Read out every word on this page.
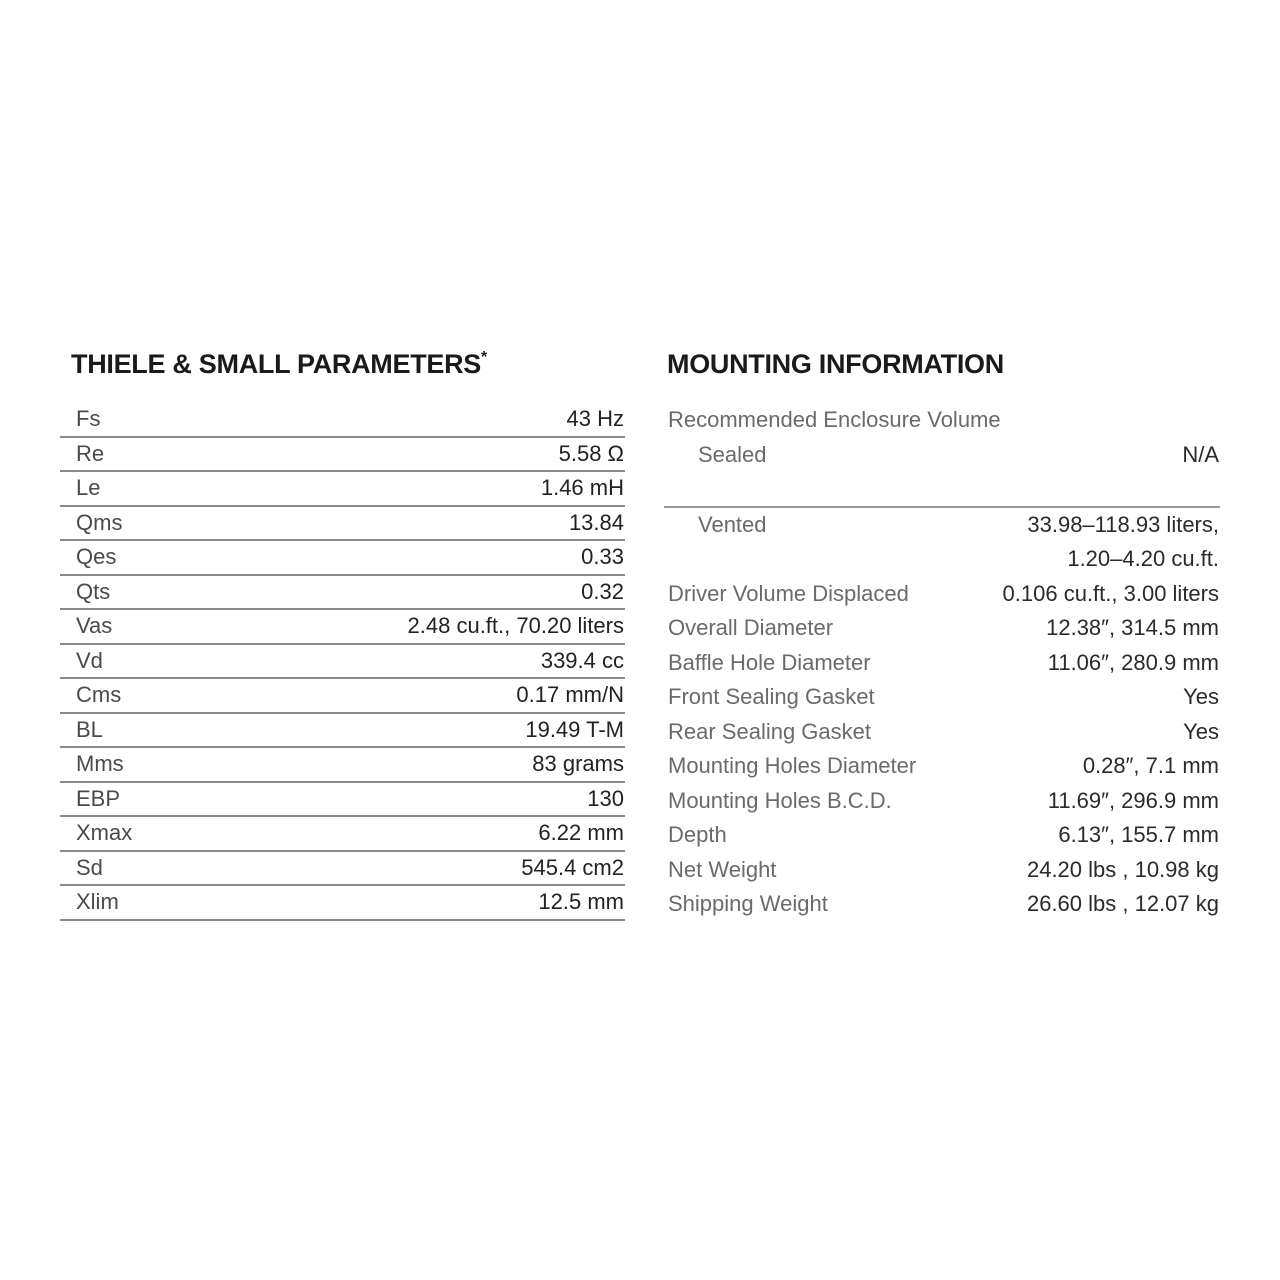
THIELE & SMALL PARAMETERS*
Fs	43 Hz
Re	5.58 Ω
Le	1.46 mH
Qms	13.84
Qes	0.33
Qts	0.32
Vas	2.48 cu.ft., 70.20 liters
Vd	339.4 cc
Cms	0.17 mm/N
BL	19.49 T-M
Mms	83 grams
EBP	130
Xmax	6.22 mm
Sd	545.4 cm2
Xlim	12.5 mm
MOUNTING INFORMATION
Recommended Enclosure Volume
Sealed	N/A
Vented	33.98–118.93 liters,
1.20–4.20 cu.ft.
Driver Volume Displaced	0.106 cu.ft., 3.00 liters
Overall Diameter	12.38″, 314.5 mm
Baffle Hole Diameter	11.06″, 280.9 mm
Front Sealing Gasket	Yes
Rear Sealing Gasket	Yes
Mounting Holes Diameter	0.28″, 7.1 mm
Mounting Holes B.C.D.	11.69″, 296.9 mm
Depth	6.13″, 155.7 mm
Net Weight	24.20 lbs , 10.98 kg
Shipping Weight	26.60 lbs , 12.07 kg
